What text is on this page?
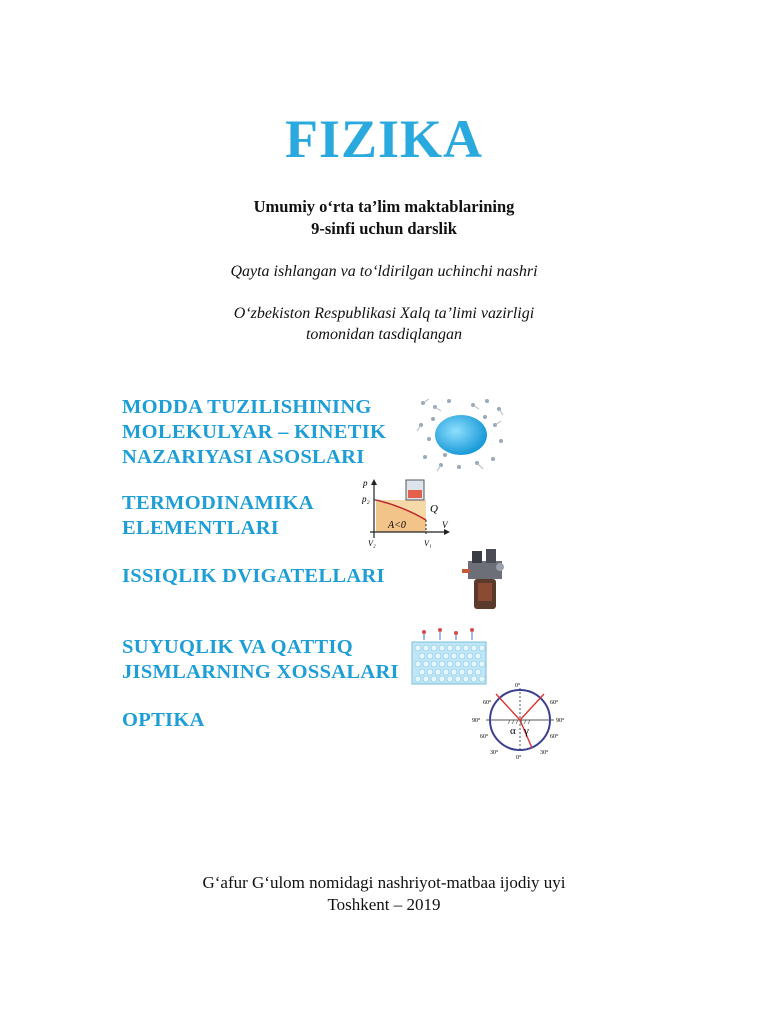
FIZIKA
Umumiy o‘rta ta’lim maktablarining
9-sinfi uchun darslik
Qayta ishlangan va to‘ldirilgan uchinchi nashri
O‘zbekiston Respublikasi Xalq ta’limi vazirligi
tomonidan tasdiqlangan
MODDA TUZILISHINING
MOLEKULYAR – KINETIK
NAZARIYASI ASOSLARI
TERMODINAMIKA
ELEMENTLARI
ISSIQLIK DVIGATELLARI
SUYUQLIK VA QATTIQ
JISMLARNING XOSSALARI
OPTIKA
p
p₂
Q
A<0	V
V₂	V₁
0°
60°	60°
90°	90°
60°	60°
30°	30°
0°
α γ
G‘afur G‘ulom nomidagi nashriyot-matbaa ijodiy uyi
Toshkent – 2019
